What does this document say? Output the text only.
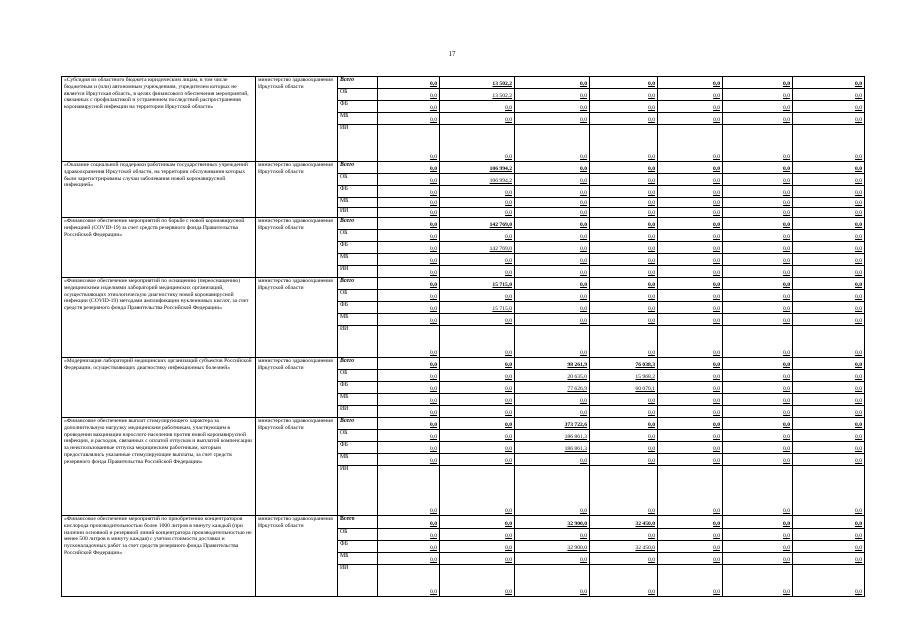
17
«Субсидия из областного бюджета юридическим лицам, в том числе бюджетным и (или) автономным учреждениям, учредителем которых не является Иркутская область, в целях финансового обеспечения мероприятий, связанных с профилактикой и устранением последствий распространения коронавирусной инфекции на территории Иркутской области»	министерство здравоохранения Иркутской области	Всего	0,0	13 502,2	0,0	0,0	0,0	0,0	0,0
		ОБ	0,0	13 502,2	0,0	0,0	0,0	0,0	0,0
		ФБ	0,0	0,0	0,0	0,0	0,0	0,0	0,0
		МБ	0,0	0,0	0,0	0,0	0,0	0,0	0,0
		ИИ	0,0	0,0	0,0	0,0	0,0	0,0	0,0
«Оказание социальной поддержки работникам государственных учреждений здравоохранения Иркутской области, на территории обслуживания которых были зарегистрированы случаи заболевания новой коронавирусной инфекцией»	министерство здравоохранения Иркутской области	Всего	0,0	106 994,2	0,0	0,0	0,0	0,0	0,0
		ОБ	0,0	106 994,2	0,0	0,0	0,0	0,0	0,0
		ФБ	0,0	0,0	0,0	0,0	0,0	0,0	0,0
		МБ	0,0	0,0	0,0	0,0	0,0	0,0	0,0
		ИИ	0,0	0,0	0,0	0,0	0,0	0,0	0,0
«Финансовое обеспечение мероприятий по борьбе с новой коронавирусной инфекцией (COVID-19) за счет средств резервного фонда Правительства Российской Федерации»	министерство здравоохранения Иркутской области	Всего	0,0	142 769,0	0,0	0,0	0,0	0,0	0,0
		ОБ	0,0	0,0	0,0	0,0	0,0	0,0	0,0
		ФБ	0,0	142 769,0	0,0	0,0	0,0	0,0	0,0
		МБ	0,0	0,0	0,0	0,0	0,0	0,0	0,0
		ИИ	0,0	0,0	0,0	0,0	0,0	0,0	0,0
«Финансовое обеспечение мероприятий по оснащению (переоснащению) медицинскими изделиями лабораторий медицинских организаций, осуществляющих этиологическую диагностику новой коронавирусной инфекции (COVID-19) методами амплификации нуклеиновых кислот, за счет средств резервного фонда Правительства Российской Федерации»	министерство здравоохранения Иркутской области	Всего	0,0	15 715,0	0,0	0,0	0,0	0,0	0,0
		ОБ	0,0	0,0	0,0	0,0	0,0	0,0	0,0
		ФБ	0,0	15 715,0	0,0	0,0	0,0	0,0	0,0
		МБ	0,0	0,0	0,0	0,0	0,0	0,0	0,0
		ИИ	0,0	0,0	0,0	0,0	0,0	0,0	0,0
«Модернизация лабораторий медицинских организаций субъектов Российской Федерации, осуществляющих диагностику инфекционных болезней»	министерство здравоохранения Иркутской области	Всего	0,0	0,0	98 261,9	76 038,3	0,0	0,0	0,0
		ОБ	0,0	0,0	20 635,0	15 968,2	0,0	0,0	0,0
		ФБ	0,0	0,0	77 626,9	60 070,1	0,0	0,0	0,0
		МБ	0,0	0,0	0,0	0,0	0,0	0,0	0,0
		ИИ	0,0	0,0	0,0	0,0	0,0	0,0	0,0
«Финансовое обеспечение выплат стимулирующего характера за дополнительную нагрузку медицинским работникам, участвующим в проведении вакцинации взрослого населения против новой коронавирусной инфекции, и расходов, связанных с оплатой отпусков и выплатой компенсации за неиспользованные отпуска медицинским работникам, которым предоставлялись указанные стимулирующие выплаты, за счет средств резервного фонда Правительства Российской Федерации»	министерство здравоохранения Иркутской области	Всего	0,0	0,0	373 722,6	0,0	0,0	0,0	0,0
		ОБ	0,0	0,0	186 861,3	0,0	0,0	0,0	0,0
		ФБ	0,0	0,0	186 861,3	0,0	0,0	0,0	0,0
		МБ	0,0	0,0	0,0	0,0	0,0	0,0	0,0
		ИИ	0,0	0,0	0,0	0,0	0,0	0,0	0,0
«Финансовое обеспечение мероприятий по приобретению концентраторов кислорода производительностью более 1000 литров в минуту каждый (при наличии основной и резервной линий концентратора производительностью не менее 500 литров в минуту каждая) с учетом стоимости доставки и пусконаладочных работ за счет средств резервного фонда Правительства Российской Федерации»	министерство здравоохранения Иркутской области	Всего	0,0	0,0	32 900,0	32 450,0	0,0	0,0	0,0
		ОБ	0,0	0,0	0,0	0,0	0,0	0,0	0,0
		ФБ	0,0	0,0	32 900,0	32 450,0	0,0	0,0	0,0
		МБ	0,0	0,0	0,0	0,0	0,0	0,0	0,0
		ИИ	0,0	0,0	0,0	0,0	0,0	0,0	0,0
